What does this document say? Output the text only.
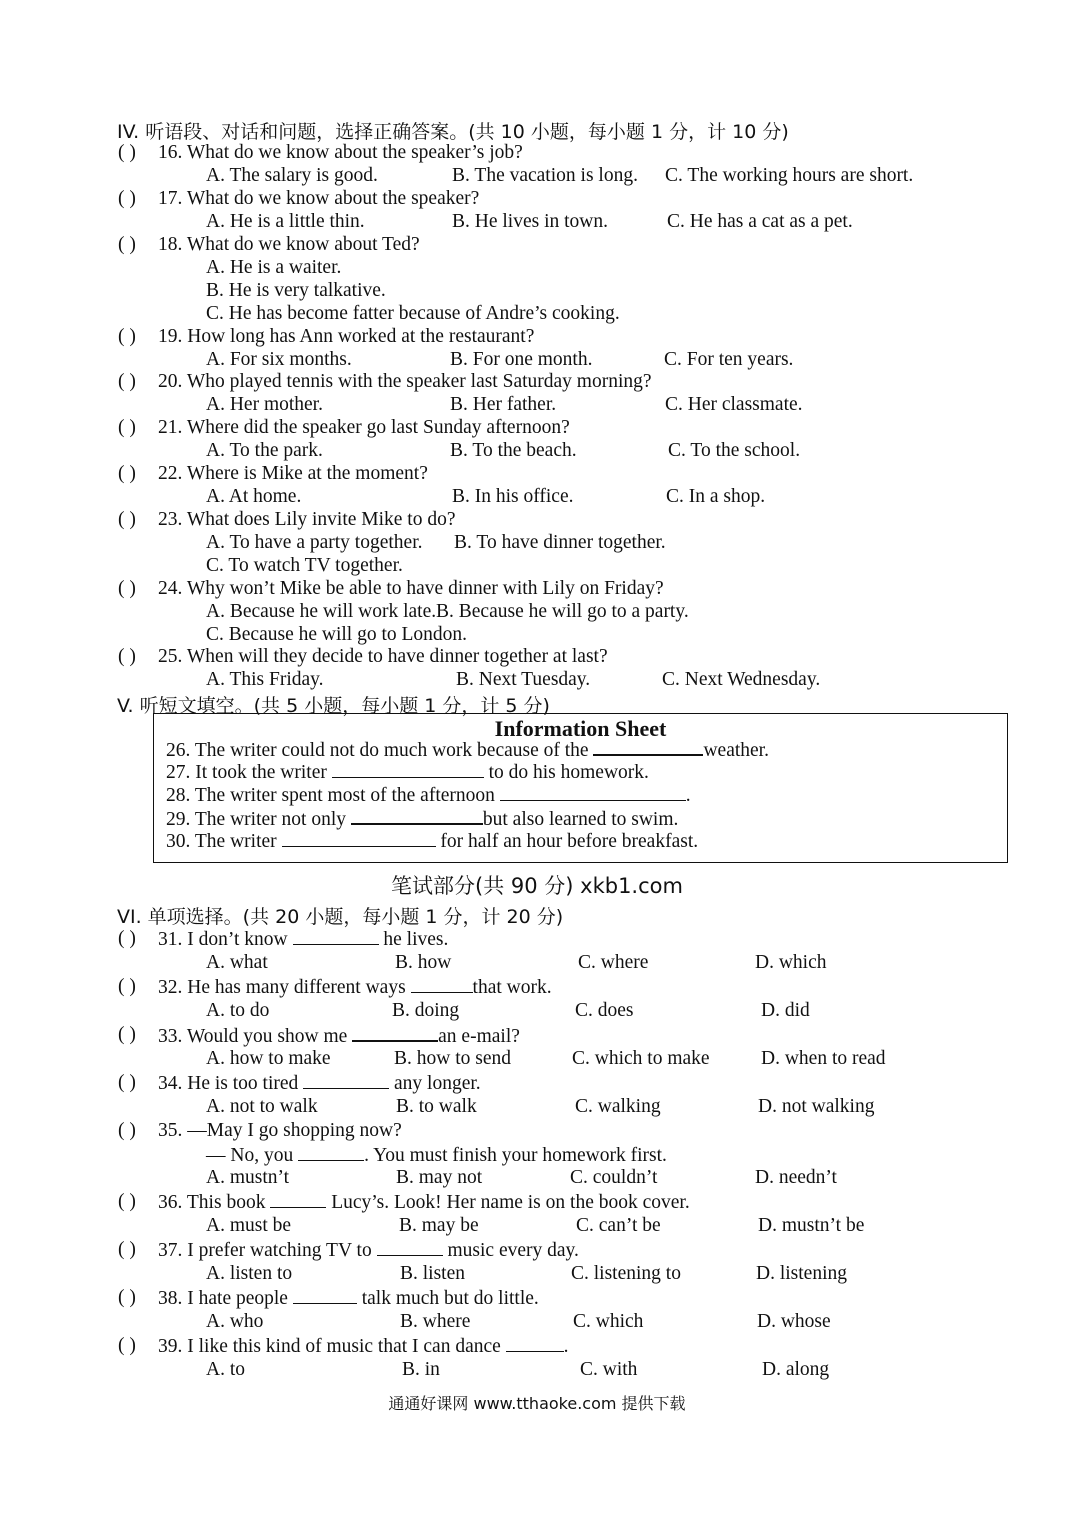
IV. 听语段、对话和问题，选择正确答案。(共 10 小题，每小题 1 分，计 10 分)
( ) 16. What do we know about the speaker’s job?
A. The salary is good.	B. The vacation is long. C. The working hours are short.
( ) 17. What do we know about the speaker?
A. He is a little thin.	B. He lives in town.	C. He has a cat as a pet.
( ) 18. What do we know about Ted?
A. He is a waiter.
B. He is very talkative.
C. He has become fatter because of Andre’s cooking.
( ) 19. How long has Ann worked at the restaurant?
A. For six months.	B. For one month.	C. For ten years.
( ) 20. Who played tennis with the speaker last Saturday morning?
A. Her mother.	B. Her father.	C. Her classmate.
( ) 21. Where did the speaker go last Sunday afternoon?
A. To the park.	B. To the beach.	C. To the school.
( ) 22. Where is Mike at the moment?
A. At home.	B. In his office.	C. In a shop.
( ) 23. What does Lily invite Mike to do?
A. To have a party together. B. To have dinner together.
C. To watch TV together.
( ) 24. Why won’t Mike be able to have dinner with Lily on Friday?
A. Because he will work late. B. Because he will go to a party.
C. Because he will go to London.
( ) 25. When will they decide to have dinner together at last?
A. This Friday.	B. Next Tuesday.	C. Next Wednesday.
V. 听短文填空。(共 5 小题，每小题 1 分，计 5 分)
Information Sheet
26. The writer could not do much work because of the	weather.
27. It took the writer	to do his homework.
28. The writer spent most of the afternoon	.
29. The writer not only	but also learned to swim.
30. The writer	for half an hour before breakfast.
笔试部分(共 90 分) xkb1.com
VI. 单项选择。(共 20 小题，每小题 1 分，计 20 分)
( ) 31. I don’t know	he lives.
A. what	B. how	C. where	D. which
( ) 32. He has many different ways	that work.
A. to do	B. doing	C. does	D. did
( ) 33. Would you show me	an e-mail?
A. how to make	B. how to send	C. which to make	D. when to read
( ) 34. He is too tired	any longer.
A. not to walk	B. to walk	C. walking	D. not walking
( ) 35. —May I go shopping now?
— No, you	. You must finish your homework first.
A. mustn’t	B. may not	C. couldn’t	D. needn’t
( ) 36. This book	Lucy’s. Look! Her name is on the book cover.
A. must be	B. may be	C. can’t be	D. mustn’t be
( ) 37. I prefer watching TV to	music every day.
A. listen to	B. listen	C. listening to	D. listening
( ) 38. I hate people	talk much but do little.
A. who	B. where	C. which	D. whose
( ) 39. I like this kind of music that I can dance	.
A. to	B. in	C. with	D. along
通通好课网 www.tthaoke.com 提供下载
